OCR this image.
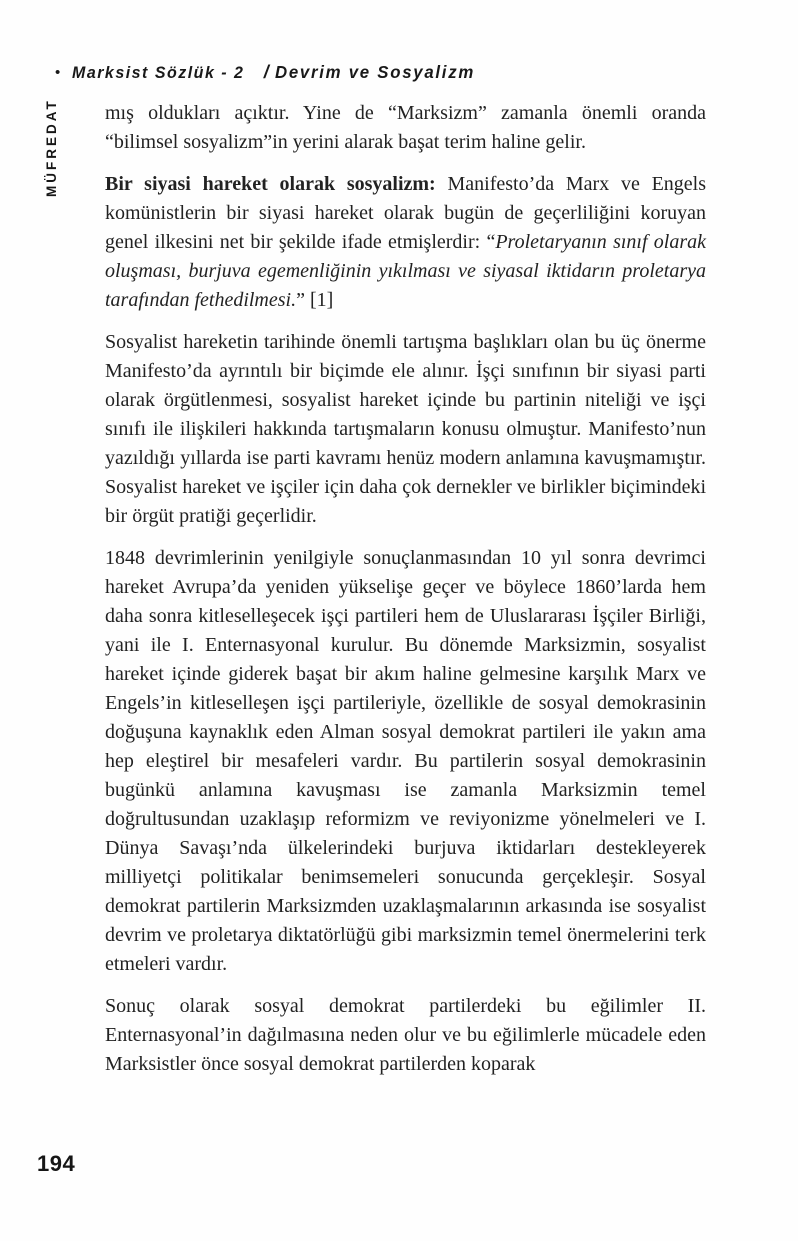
• Marksist Sözlük - 2 / Devrim ve Sosyalizm
MÜFREDAT mış oldukları açıktır. Yine de “Marksizm” zamanla önemli oranda “bilimsel sosyalizm”in yerini alarak başat terim haline gelir.

Bir siyasi hareket olarak sosyalizm: Manifesto’da Marx ve Engels komünistlerin bir siyasi hareket olarak bugün de geçerliliğini koruyan genel ilkesini net bir şekilde ifade etmişlerdir: “Proletaryanın sınıf olarak oluşması, burjuva egemenliğinin yıkılması ve siyasal iktidarın proletarya tarafından fethedilmesi.” [1]

Sosyalist hareketin tarihinde önemli tartışma başlıkları olan bu üç önerme Manifesto’da ayrıntılı bir biçimde ele alınır. İşçi sınıfının bir siyasi parti olarak örgütlenmesi, sosyalist hareket içinde bu partinin niteliği ve işçi sınıfı ile ilişkileri hakkında tartışmaların konusu olmuştur. Manifesto’nun yazıldığı yıllarda ise parti kavramı henüz modern anlamına kavuşmamıştır. Sosyalist hareket ve işçiler için daha çok dernekler ve birlikler biçimindeki bir örgüt pratiği geçerlidir.

1848 devrimlerinin yenilgiyle sonuçlanmasından 10 yıl sonra devrimci hareket Avrupa’da yeniden yükselişe geçer ve böylece 1860’larda hem daha sonra kitleselleşecek işçi partileri hem de Uluslararası İşçiler Birliği, yani ile I. Enternasyonal kurulur. Bu dönemde Marksizmin, sosyalist hareket içinde giderek başat bir akım haline gelmesine karşılık Marx ve Engels’in kitleselleşen işçi partileriyle, özellikle de sosyal demokrasinin doğuşuna kaynaklık eden Alman sosyal demokrat partileri ile yakın ama hep eleştirel bir mesafeleri vardır. Bu partilerin sosyal demokrasinin bugünkü anlamına kavuşması ise zamanla Marksizmin temel doğrultusundan uzaklaşıp reformizm ve reviyonizme yönelmeleri ve I. Dünya Savaşı’nda ülkelerindeki burjuva iktidarları destekleyerek milliyetçi politikalar benimsemeleri sonucunda gerçekleşir. Sosyal demokrat partilerin Marksizmden uzaklaşmalarının arkasında ise sosyalist devrim ve proletarya diktatörlüğü gibi marksizmin temel önermelerini terk etmeleri vardır.

Sonuç olarak sosyal demokrat partilerdeki bu eğilimler II. Enternasyonal’in dağılmasına neden olur ve bu eğilimlerle mücadele eden Marksistler önce sosyal demokrat partilerden koparak

194
